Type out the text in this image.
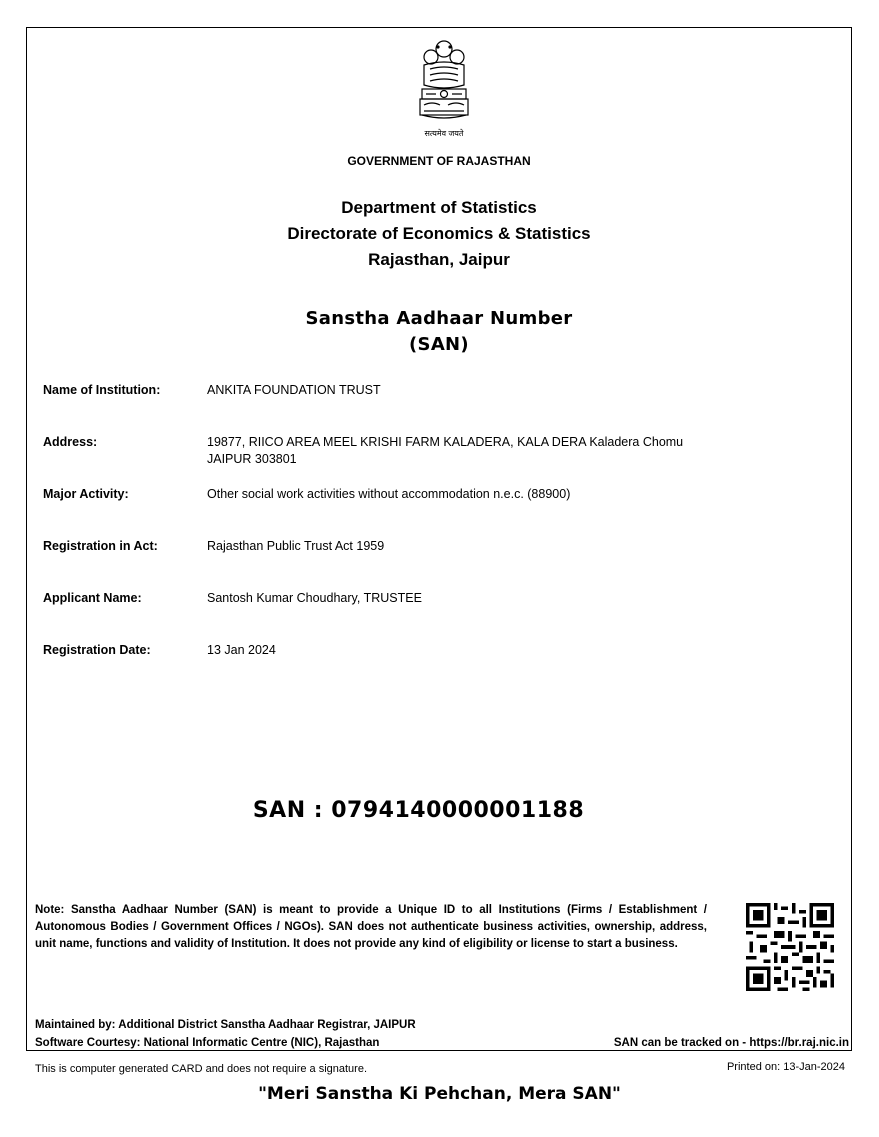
सत्यमेव जयते
GOVERNMENT OF RAJASTHAN
Department of Statistics
Directorate of Economics & Statistics
Rajasthan, Jaipur
Sanstha Aadhaar Number
(SAN)
Name of Institution:	ANKITA FOUNDATION TRUST
Address:	19877, RIICO AREA MEEL KRISHI FARM KALADERA, KALA DERA Kaladera Chomu
JAIPUR 303801
Major Activity:	Other social work activities without accommodation n.e.c. (88900)
Registration in Act:	Rajasthan Public Trust Act 1959
Applicant Name:	Santosh Kumar Choudhary, TRUSTEE
Registration Date:	13 Jan 2024
SAN : 0794140000001188
Note: Sanstha Aadhaar Number (SAN) is meant to provide a Unique ID to all Institutions (Firms / Establishment / Autonomous Bodies / Government Offices / NGOs). SAN does not authenticate business activities, ownership, address, unit name, functions and validity of Institution. It does not provide any kind of eligibility or license to start a business.
Maintained by: Additional District Sanstha Aadhaar Registrar, JAIPUR
Software Courtesy: National Informatic Centre (NIC), Rajasthan	SAN can be tracked on - https://br.raj.nic.in
This is computer generated CARD and does not require a signature.	Printed on: 13-Jan-2024
"Meri Sanstha Ki Pehchan, Mera SAN"
